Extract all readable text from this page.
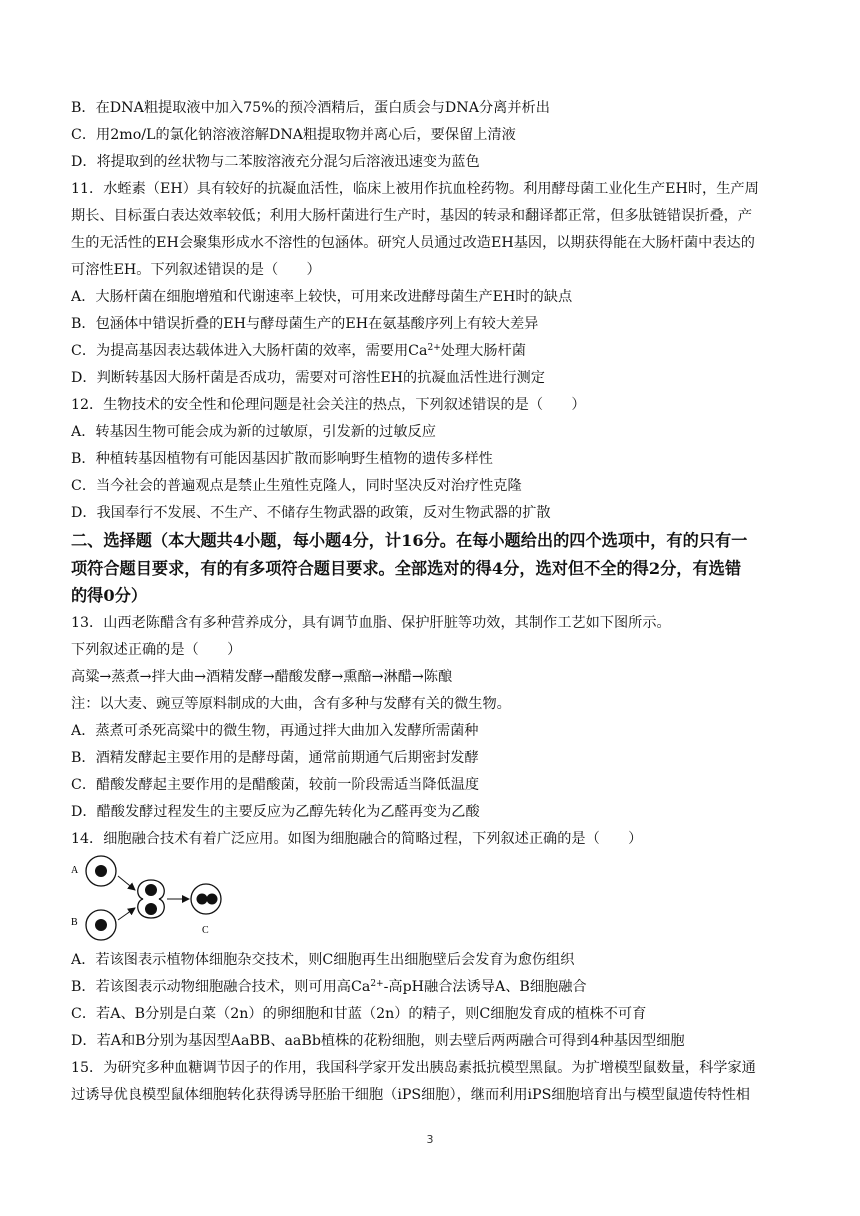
B．在DNA粗提取液中加入75%的预冷酒精后，蛋白质会与DNA分离并析出
C．用2mo/L的氯化钠溶液溶解DNA粗提取物并离心后，要保留上清液
D．将提取到的丝状物与二苯胺溶液充分混匀后溶液迅速变为蓝色
11．水蛭素（EH）具有较好的抗凝血活性，临床上被用作抗血栓药物。利用酵母菌工业化生产EH时，生产周
期长、目标蛋白表达效率较低；利用大肠杆菌进行生产时，基因的转录和翻译都正常，但多肽链错误折叠，产
生的无活性的EH会聚集形成水不溶性的包涵体。研究人员通过改造EH基因，以期获得能在大肠杆菌中表达的
可溶性EH。下列叙述错误的是（　　）
A．大肠杆菌在细胞增殖和代谢速率上较快，可用来改进酵母菌生产EH时的缺点
B．包涵体中错误折叠的EH与酵母菌生产的EH在氨基酸序列上有较大差异
C．为提高基因表达载体进入大肠杆菌的效率，需要用$Ca^{2+}$处理大肠杆菌
D．判断转基因大肠杆菌是否成功，需要对可溶性EH的抗凝血活性进行测定
12．生物技术的安全性和伦理问题是社会关注的热点，下列叙述错误的是（　　）
A．转基因生物可能会成为新的过敏原，引发新的过敏反应
B．种植转基因植物有可能因基因扩散而影响野生植物的遗传多样性
C．当今社会的普遍观点是禁止生殖性克隆人，同时坚决反对治疗性克隆
D．我国奉行不发展、不生产、不储存生物武器的政策，反对生物武器的扩散
二、选择题（本大题共4小题，每小题4分，计16分。在每小题给出的四个选项中，有的只有一
项符合题目要求，有的有多项符合题目要求。全部选对的得4分，选对但不全的得2分，有选错
的得0分）
13．山西老陈醋含有多种营养成分，具有调节血脂、保护肝脏等功效，其制作工艺如下图所示。
下列叙述正确的是（　　）
高粱→蒸煮→拌大曲→酒精发酵→醋酸发酵→熏醅→淋醋→陈酿
注：以大麦、豌豆等原料制成的大曲，含有多种与发酵有关的微生物。
A．蒸煮可杀死高粱中的微生物，再通过拌大曲加入发酵所需菌种
B．酒精发酵起主要作用的是酵母菌，通常前期通气后期密封发酵
C．醋酸发酵起主要作用的是醋酸菌，较前一阶段需适当降低温度
D．醋酸发酵过程发生的主要反应为乙醇先转化为乙醛再变为乙酸
14．细胞融合技术有着广泛应用。如图为细胞融合的简略过程，下列叙述正确的是（　　）
A
B
C
A．若该图表示植物体细胞杂交技术，则C细胞再生出细胞壁后会发育为愈伤组织
B．若该图表示动物细胞融合技术，则可用高$Ca^{2+}-$高pH融合法诱导A、B细胞融合
C．若A、B分别是白菜（2n）的卵细胞和甘蓝（2n）的精子，则C细胞发育成的植株不可育
D．若A和B分别为基因型AaBB、aaBb植株的花粉细胞，则去壁后两两融合可得到4种基因型细胞
15．为研究多种血糖调节因子的作用，我国科学家开发出胰岛素抵抗模型黑鼠。为扩增模型鼠数量，科学家通
过诱导优良模型鼠体细胞转化获得诱导胚胎干细胞（iPS细胞），继而利用iPS细胞培育出与模型鼠遗传特性相
3
